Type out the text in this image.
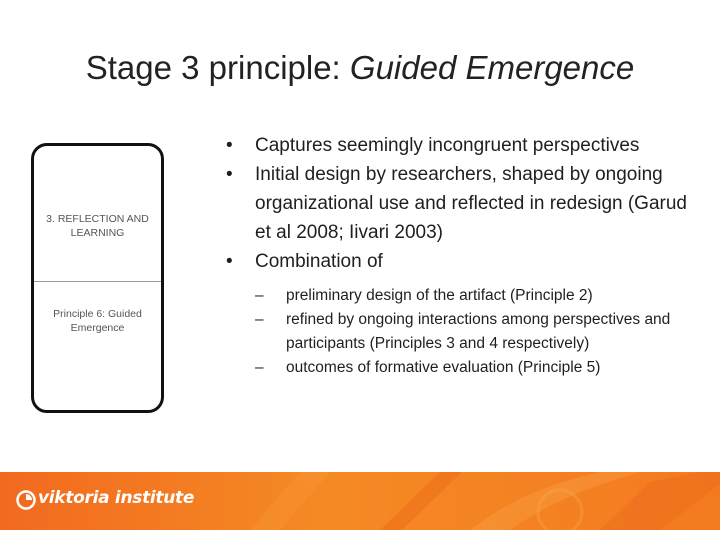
Stage 3 principle: Guided Emergence
3. REFLECTION AND LEARNING
Principle 6: Guided Emergence
•	Captures seemingly incongruent perspectives
•	Initial design by researchers, shaped by ongoing organizational use and reflected in redesign (Garud et al 2008; Iivari 2003)
•	Combination of
–	preliminary design of the artifact (Principle 2)
–	refined by ongoing interactions among perspectives and participants (Principles 3 and 4 respectively)
–	outcomes of formative evaluation (Principle 5)
viktoria institute
